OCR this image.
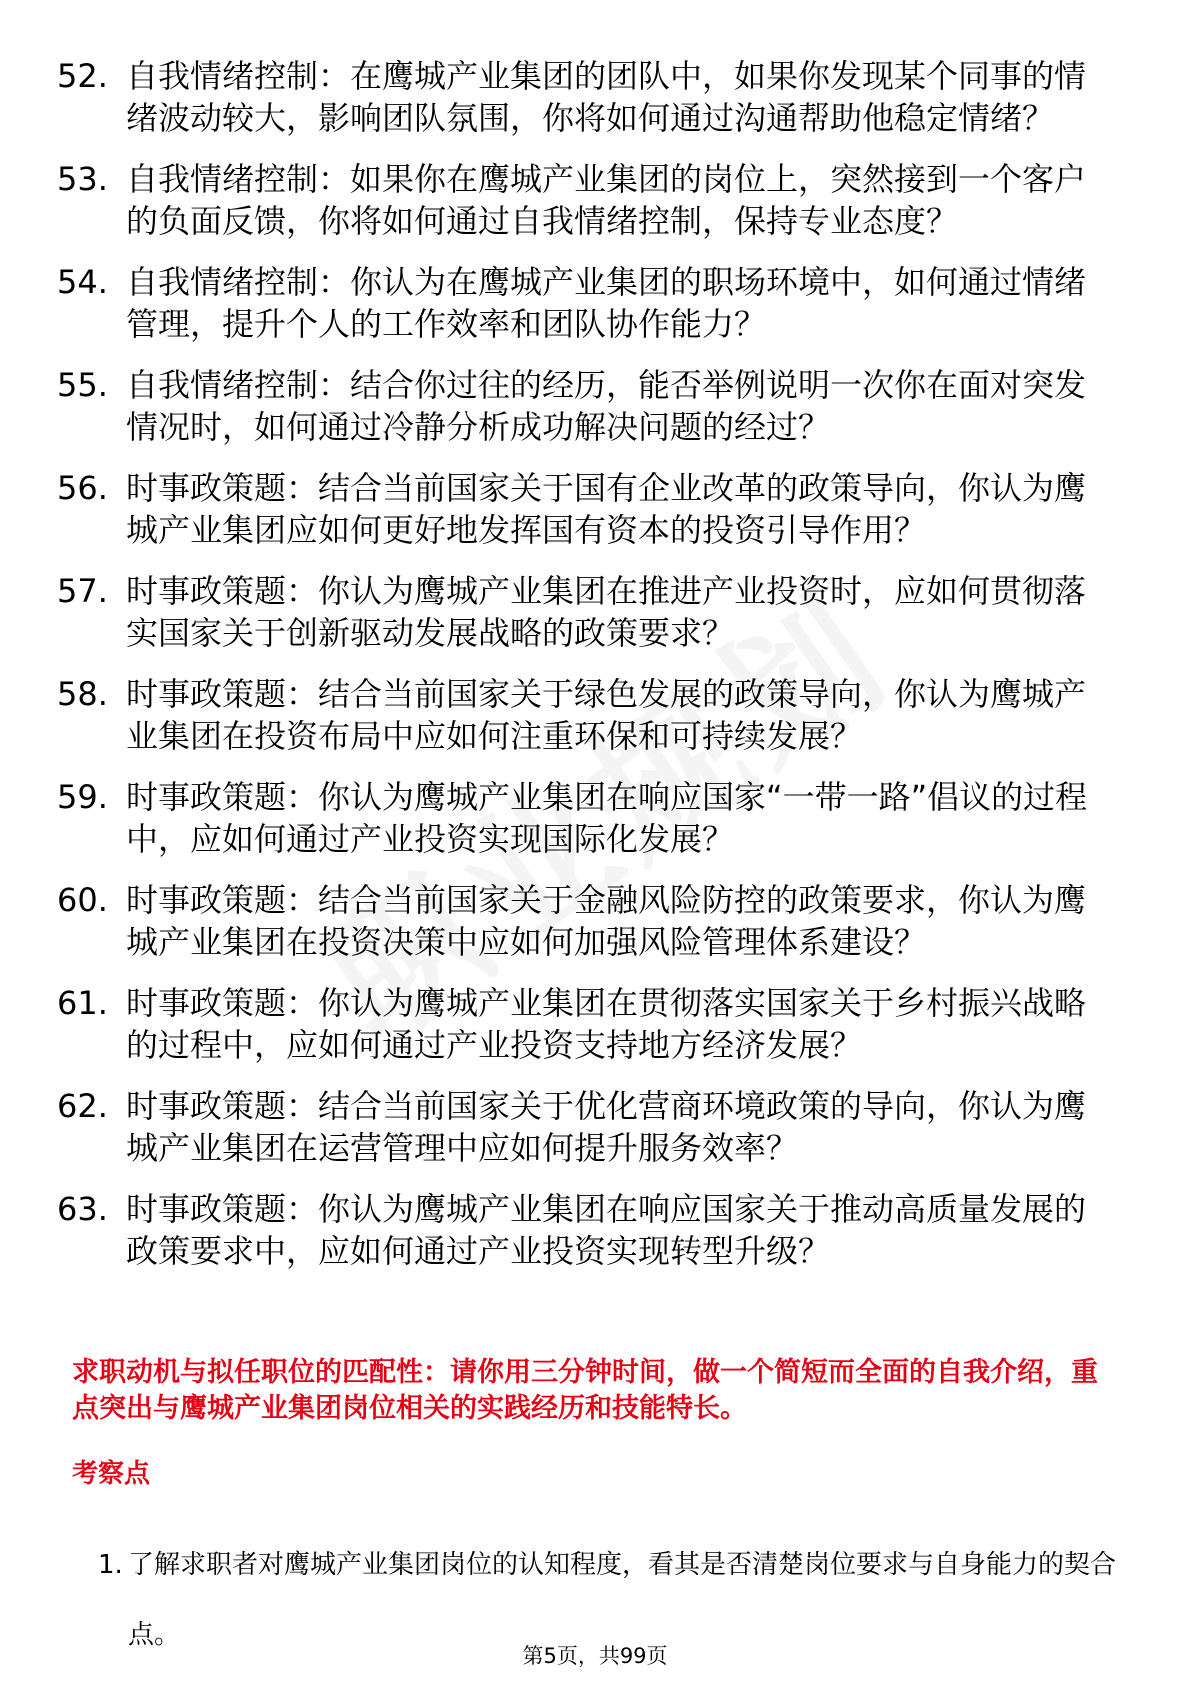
52. 自我情绪控制：在鹰城产业集团的团队中，如果你发现某个同事的情绪波动较大，影响团队氛围，你将如何通过沟通帮助他稳定情绪？
53. 自我情绪控制：如果你在鹰城产业集团的岗位上，突然接到一个客户的负面反馈，你将如何通过自我情绪控制，保持专业态度？
54. 自我情绪控制：你认为在鹰城产业集团的职场环境中，如何通过情绪管理，提升个人的工作效率和团队协作能力？
55. 自我情绪控制：结合你过往的经历，能否举例说明一次你在面对突发情况时，如何通过冷静分析成功解决问题的经过？
56. 时事政策题：结合当前国家关于国有企业改革的政策导向，你认为鹰城产业集团应如何更好地发挥国有资本的投资引导作用？
57. 时事政策题：你认为鹰城产业集团在推进产业投资时，应如何贯彻落实国家关于创新驱动发展战略的政策要求？
58. 时事政策题：结合当前国家关于绿色发展的政策导向，你认为鹰城产业集团在投资布局中应如何注重环保和可持续发展？
59. 时事政策题：你认为鹰城产业集团在响应国家“一带一路”倡议的过程中，应如何通过产业投资实现国际化发展？
60. 时事政策题：结合当前国家关于金融风险防控的政策要求，你认为鹰城产业集团在投资决策中应如何加强风险管理体系建设？
61. 时事政策题：你认为鹰城产业集团在贯彻落实国家关于乡村振兴战略的过程中，应如何通过产业投资支持地方经济发展？
62. 时事政策题：结合当前国家关于优化营商环境政策的导向，你认为鹰城产业集团在运营管理中应如何提升服务效率？
63. 时事政策题：你认为鹰城产业集团在响应国家关于推动高质量发展的政策要求中，应如何通过产业投资实现转型升级？
求职动机与拟任职位的匹配性：请你用三分钟时间，做一个简短而全面的自我介绍，重点突出与鹰城产业集团岗位相关的实践经历和技能特长。
考察点
1. 了解求职者对鹰城产业集团岗位的认知程度，看其是否清楚岗位要求与自身能力的契合点。
第5页，共99页
